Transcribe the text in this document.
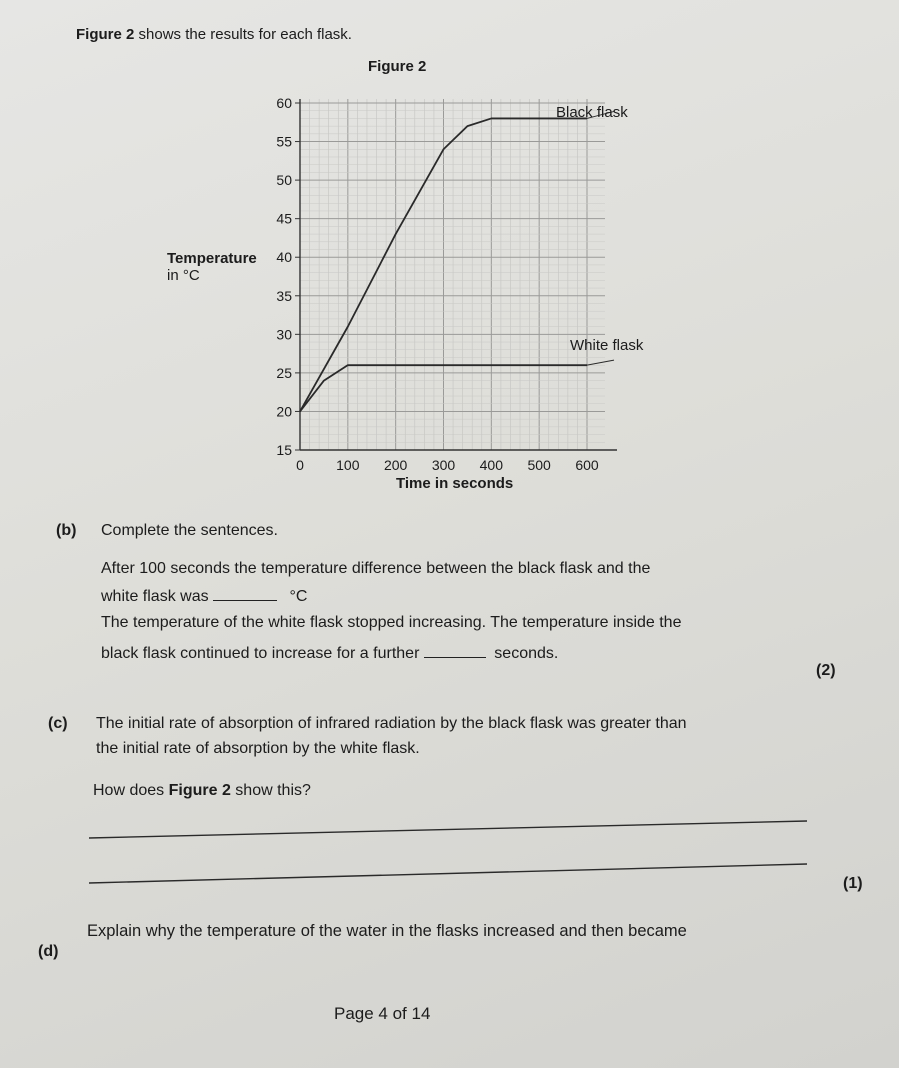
Figure 2 shows the results for each flask.
Figure 2
Temperature
in °C
15
20
25
30
35
40
45
50
55
60
0 100 200 300 400 500 600
Black flask
White flask
Time in seconds
(b) Complete the sentences.
After 100 seconds the temperature difference between the black flask and the
white flask was	°C
The temperature of the white flask stopped increasing. The temperature inside the
black flask continued to increase for a further	seconds.
(2)
(c) The initial rate of absorption of infrared radiation by the black flask was greater than
the initial rate of absorption by the white flask.
How does Figure 2 show this?
(1)
(d)
Explain why the temperature of the water in the flasks increased and then became
Page 4 of 14
